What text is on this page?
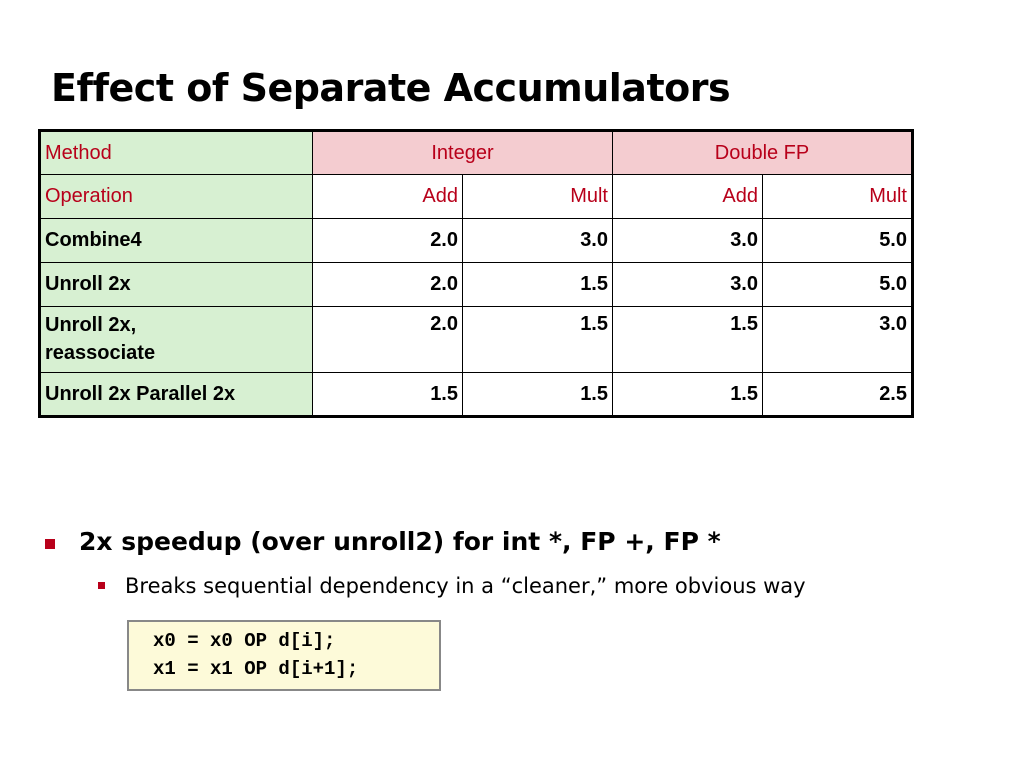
Effect of Separate Accumulators
Method	Integer		Double FP	
Operation	Add	Mult	Add	Mult
Combine4	2.0	3.0	3.0	5.0
Unroll 2x	2.0	1.5	3.0	5.0
Unroll 2x,
reassociate	2.0	1.5	1.5	3.0
Unroll 2x Parallel 2x	1.5	1.5	1.5	2.5
2x speedup (over unroll2) for int *, FP +, FP *
Breaks sequential dependency in a “cleaner,” more obvious way
x0 = x0 OP d[i];
x1 = x1 OP d[i+1];
